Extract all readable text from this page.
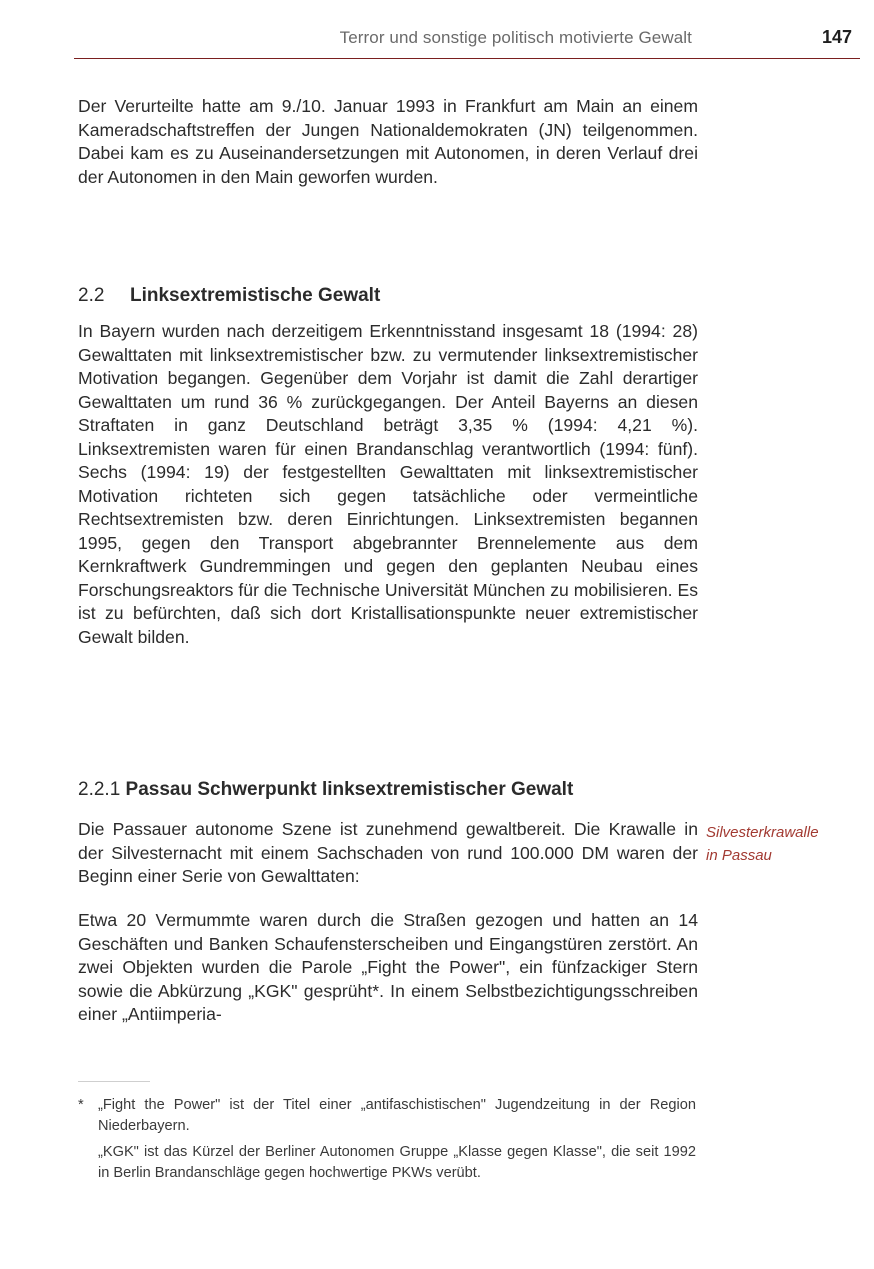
Terror und sonstige politisch motivierte Gewalt	147

Der Verurteilte hatte am 9./10. Januar 1993 in Frankfurt am Main an einem Kameradschaftstreffen der Jungen Nationaldemokraten (JN) teilgenommen. Dabei kam es zu Auseinandersetzungen mit Autonomen, in deren Verlauf drei der Autonomen in den Main geworfen wurden.

2.2 Linksextremistische Gewalt

In Bayern wurden nach derzeitigem Erkenntnisstand insgesamt 18 (1994: 28) Gewalttaten mit linksextremistischer bzw. zu vermutender linksextremistischer Motivation begangen. Gegenüber dem Vorjahr ist damit die Zahl derartiger Gewalttaten um rund 36 % zurückgegangen. Der Anteil Bayerns an diesen Straftaten in ganz Deutschland beträgt 3,35 % (1994: 4,21 %). Linksextremisten waren für einen Brandanschlag verantwortlich (1994: fünf). Sechs (1994: 19) der festgestellten Gewalttaten mit linksextremistischer Motivation richteten sich gegen tatsächliche oder vermeintliche Rechtsextremisten bzw. deren Einrichtungen. Linksextremisten begannen 1995, gegen den Transport abgebrannter Brennelemente aus dem Kernkraftwerk Gundremmingen und gegen den geplanten Neubau eines Forschungsreaktors für die Technische Universität München zu mobilisieren. Es ist zu befürchten, daß sich dort Kristallisationspunkte neuer extremistischer Gewalt bilden.

2.2.1 Passau Schwerpunkt linksextremistischer Gewalt

Die Passauer autonome Szene ist zunehmend gewaltbereit. Die Krawalle in der Silvesternacht mit einem Sachschaden von rund 100.000 DM waren der Beginn einer Serie von Gewalttaten:

Silvesterkrawalle
in Passau

Etwa 20 Vermummte waren durch die Straßen gezogen und hatten an 14 Geschäften und Banken Schaufensterscheiben und Eingangstüren zerstört. An zwei Objekten wurden die Parole „Fight the Power", ein fünfzackiger Stern sowie die Abkürzung „KGK" gesprüht*. In einem Selbstbezichtigungsschreiben einer „Antiimperia-

* „Fight the Power" ist der Titel einer „antifaschistischen" Jugendzeitung in der Region Niederbayern.

„KGK" ist das Kürzel der Berliner Autonomen Gruppe „Klasse gegen Klasse", die seit 1992 in Berlin Brandanschläge gegen hochwertige PKWs verübt.
